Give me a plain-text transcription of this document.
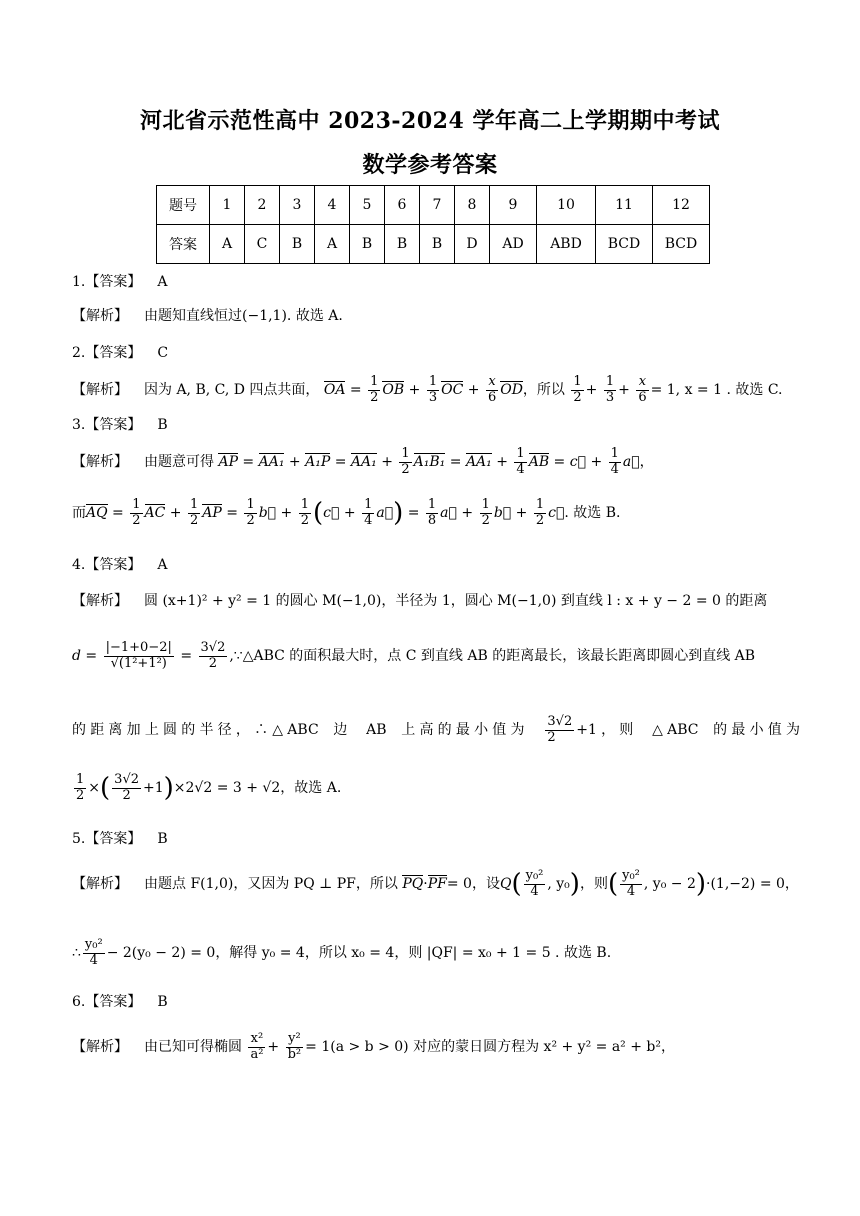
河北省示范性高中 2023-2024 学年高二上学期期中考试
数学参考答案
题号	1	2	3	4	5	6	7	8	9	10	11	12
答案	A	C	B	A	B	B	B	D	AD	ABD	BCD	BCD
1.【答案】 A
【解析】 由题知直线恒过(−1,1). 故选 A.
2.【答案】 C
【解析】 因为 A, B, C, D 四点共面， OA = $\frac{1}{2}$ OB + $\frac{1}{3}$ OC + $\frac{x}{6}$ OD，所以 $\frac{1}{2} + \frac{1}{3} + \frac{x}{6} = 1$, x = 1 . 故选 C.
3.【答案】 B
【解析】 由题意可得 AP = $AA_1 + A_1P = AA_1 + \frac{1}{2} A_1B_1 = AA_1 + \frac{1}{4}$ AB = c⃗ + $\frac{1}{4}$ a⃗，
而AQ = $\frac{1}{2}$ AC + $\frac{1}{2}$ AP = $\frac{1}{2}$ b⃗ + $\frac{1}{2}$ (c⃗ + $\frac{1}{4}$ a⃗) = $\frac{1}{8}$ a⃗ + $\frac{1}{2}$ b⃗ + $\frac{1}{2}$ c⃗. 故选 B.
4.【答案】 A
【解析】 圆 (x+1)² + y² = 1 的圆心 M(−1,0)，半径为 1，圆心 M(−1,0) 到直线 l : x + y − 2 = 0 的距离
$d = \frac{|-1+0-2|}{\text{√(1²+1²)}} = \frac{3√2}{2}$ ,∵△ABC 的面积最大时，点 C 到直线 AB 的距离最长，该最长距离即圆心到直线 AB
的距离加上圆的半径，∴△ABC 边 AB 上高的最小值为 $\frac{3√2}{2} +1$，则 △ABC 的最小值为
$\frac{1}{2}$ ×( $\frac{3√2}{2} +1)\times 2√2 = 3 + √2$，故选 A.
5.【答案】 B
【解析】 由题点 F(1,0)，又因为 PQ ⊥ PF，所以 PQ·PF= 0，设$Q( \frac{\text{y₀²}}{4}$ , y₀)，则( $\frac{\text{y₀²}}{4}$ , y₀ − 2)·(1,−2) = 0，
∴ $\frac{\text{y₀²}}{4} - 2(y_0 - 2) = 0$，解得 y₀ = 4，所以 x₀ = 4，则 |QF| = x₀ + 1 = 5 . 故选 B.
6.【答案】 B
【解析】 由已知可得椭圆 $\frac{\text{x²}}{\text{a²}} + \frac{\text{y²}}{\text{b²}} = 1(a > b > 0)$ 对应的蒙日圆方程为 x² + y² = a² + b²，
